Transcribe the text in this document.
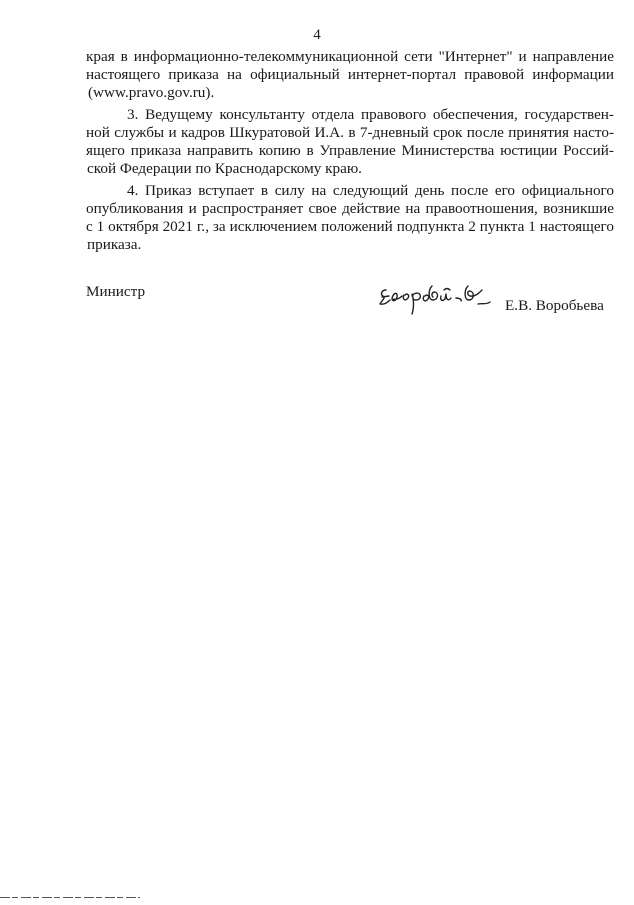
4
края в информационно-телекоммуникационной сети "Интернет" и направление
настоящего приказа на официальный интернет-портал правовой информации
(www.pravo.gov.ru).
3. Ведущему консультанту отдела правового обеспечения, государствен-
ной службы и кадров Шкуратовой И.А. в 7-дневный срок после принятия насто-
ящего приказа направить копию в Управление Министерства юстиции Россий-
ской Федерации по Краснодарскому краю.
4. Приказ вступает в силу на следующий день после его официального
опубликования и распространяет свое действие на правоотношения, возникшие
с 1 октября 2021 г., за исключением положений подпункта 2 пункта 1 настоящего
приказа.
Министр
Е.В. Воробьева
